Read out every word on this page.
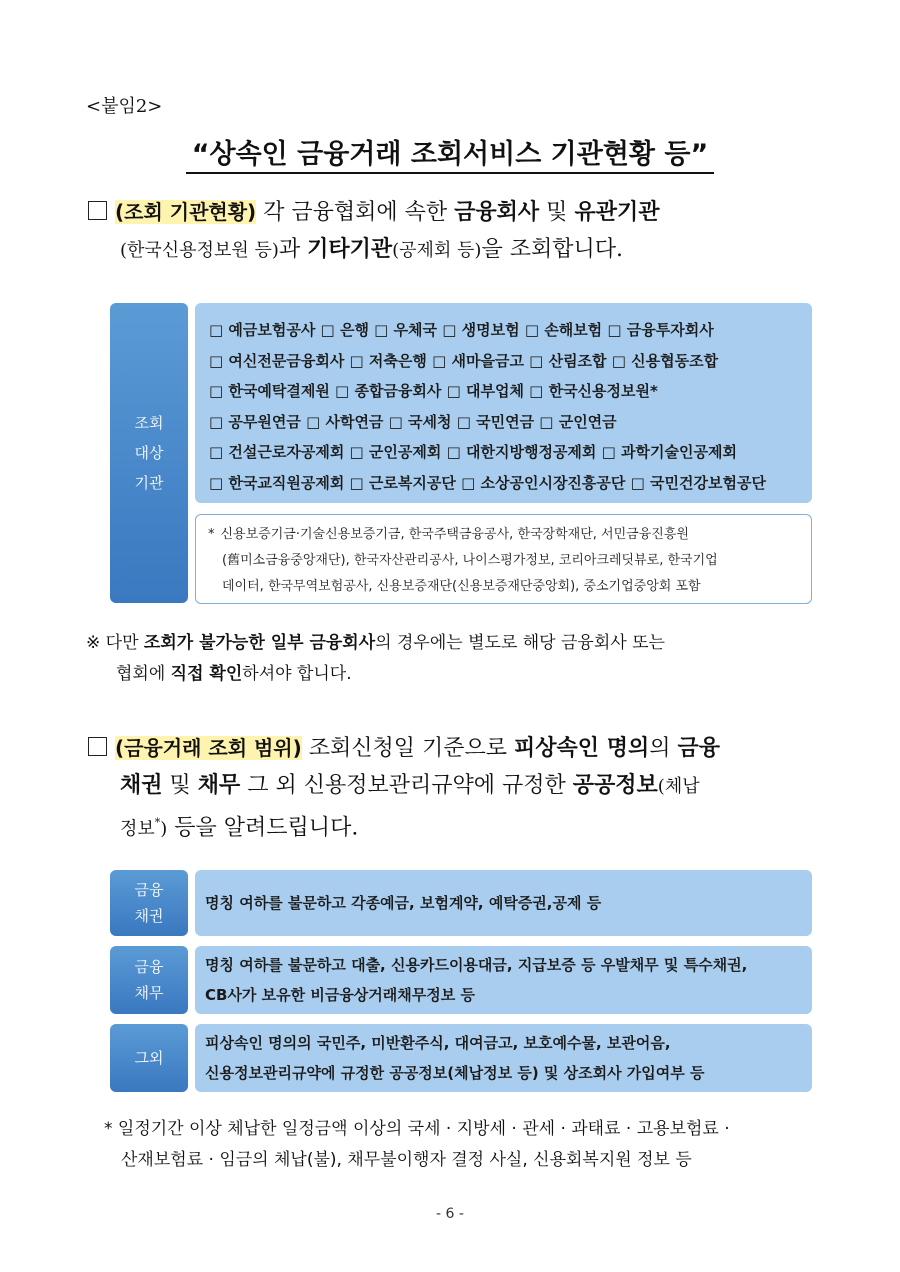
<붙임2>
“상속인 금융거래 조회서비스 기관현황 등”
(조회 기관현황) 각 금융협회에 속한 금융회사 및 유관기관
(한국신용정보원 등)과 기타기관(공제회 등)을 조회합니다.
조회
대상
기관
□ 예금보험공사 □ 은행 □ 우체국 □ 생명보험 □ 손해보험 □ 금융투자회사
□ 여신전문금융회사 □ 저축은행 □ 새마을금고 □ 산림조합 □ 신용협동조합
□ 한국예탁결제원 □ 종합금융회사 □ 대부업체 □ 한국신용정보원*
□ 공무원연금 □ 사학연금 □ 국세청 □ 국민연금 □ 군인연금
□ 건설근로자공제회 □ 군인공제회 □ 대한지방행정공제회 □ 과학기술인공제회
□ 한국교직원공제회 □ 근로복지공단 □ 소상공인시장진흥공단 □ 국민건강보험공단
* 신용보증기금·기술신용보증기금, 한국주택금융공사, 한국장학재단, 서민금융진흥원
(舊미소금융중앙재단), 한국자산관리공사, 나이스평가정보, 코리아크레딧뷰로, 한국기업
데이터, 한국무역보험공사, 신용보증재단(신용보증재단중앙회), 중소기업중앙회 포함
※ 다만 조회가 불가능한 일부 금융회사의 경우에는 별도로 해당 금융회사 또는
협회에 직접 확인하셔야 합니다.
(금융거래 조회 범위) 조회신청일 기준으로 피상속인 명의의 금융
채권 및 채무 그 외 신용정보관리규약에 규정한 공공정보(체납
정보*) 등을 알려드립니다.
금융
채권
명칭 여하를 불문하고 각종예금, 보험계약, 예탁증권,공제 등
금융
채무
명칭 여하를 불문하고 대출, 신용카드이용대금, 지급보증 등 우발채무 및 특수채권,
CB사가 보유한 비금융상거래채무정보 등
그외
피상속인 명의의 국민주, 미반환주식, 대여금고, 보호예수물, 보관어음,
신용정보관리규약에 규정한 공공정보(체납정보 등) 및 상조회사 가입여부 등
* 일정기간 이상 체납한 일정금액 이상의 국세 · 지방세 · 관세 · 과태료 · 고용보험료 ·
산재보험료 · 임금의 체납(불), 채무불이행자 결정 사실, 신용회복지원 정보 등
- 6 -
